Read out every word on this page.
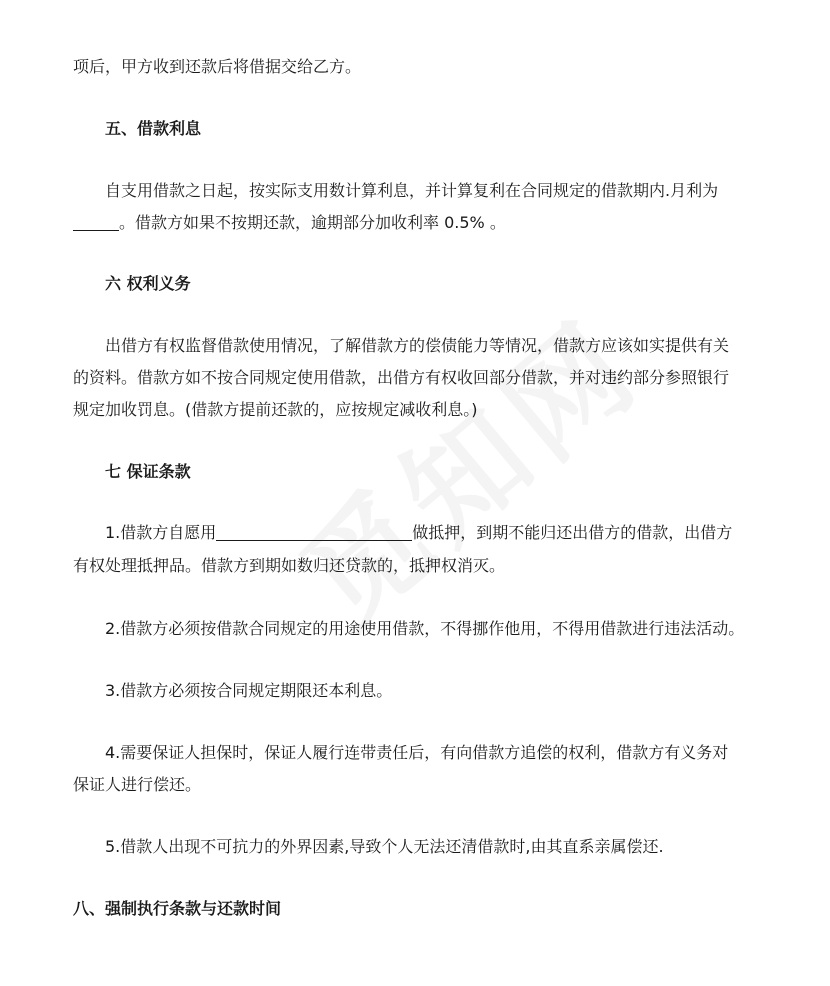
项后，甲方收到还款后将借据交给乙方。
五、借款利息
自支用借款之日起，按实际支用数计算利息，并计算复利在合同规定的借款期内.月利为
。借款方如果不按期还款，逾期部分加收利率 0.5% 。
六 权利义务
出借方有权监督借款使用情况，了解借款方的偿债能力等情况，借款方应该如实提供有关
的资料。借款方如不按合同规定使用借款，出借方有权收回部分借款，并对违约部分参照银行
规定加收罚息。(借款方提前还款的，应按规定减收利息。)
七 保证条款
1.借款方自愿用	做抵押，到期不能归还出借方的借款，出借方
有权处理抵押品。借款方到期如数归还贷款的，抵押权消灭。
2.借款方必须按借款合同规定的用途使用借款，不得挪作他用，不得用借款进行违法活动。
3.借款方必须按合同规定期限还本利息。
4.需要保证人担保时，保证人履行连带责任后，有向借款方追偿的权利，借款方有义务对
保证人进行偿还。
5.借款人出现不可抗力的外界因素,导致个人无法还清借款时,由其直系亲属偿还.
八、强制执行条款与还款时间
